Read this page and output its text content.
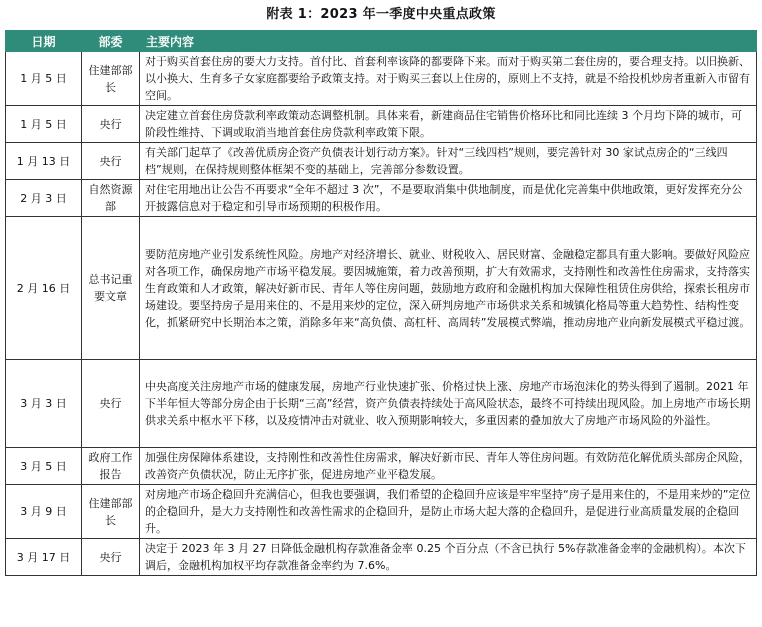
附表 1：2023 年一季度中央重点政策
日期	部委	主要内容
1 月 5 日	住建部部长	对于购买首套住房的要大力支持。首付比、首套利率该降的都要降下来。而对于购买第二套住房的，要合理支持。以旧换新、以小换大、生育多子女家庭都要给予政策支持。对于购买三套以上住房的，原则上不支持，就是不给投机炒房者重新入市留有空间。
1 月 5 日	央行	决定建立首套住房贷款利率政策动态调整机制。具体来看，新建商品住宅销售价格环比和同比连续 3 个月均下降的城市，可阶段性维持、下调或取消当地首套住房贷款利率政策下限。
1 月 13 日	央行	有关部门起草了《改善优质房企资产负债表计划行动方案》。针对“三线四档”规则，要完善针对 30 家试点房企的“三线四档”规则，在保持规则整体框架不变的基础上，完善部分参数设置。
2 月 3 日	自然资源部	对住宅用地出让公告不再要求“全年不超过 3 次”，不是要取消集中供地制度，而是优化完善集中供地政策，更好发挥充分公开披露信息对于稳定和引导市场预期的积极作用。
2 月 16 日	总书记重要文章	要防范房地产业引发系统性风险。房地产对经济增长、就业、财税收入、居民财富、金融稳定都具有重大影响。要做好风险应对各项工作，确保房地产市场平稳发展。要因城施策，着力改善预期，扩大有效需求，支持刚性和改善性住房需求，支持落实生育政策和人才政策，解决好新市民、青年人等住房问题，鼓励地方政府和金融机构加大保障性租赁住房供给，探索长租房市场建设。要坚持房子是用来住的、不是用来炒的定位，深入研判房地产市场供求关系和城镇化格局等重大趋势性、结构性变化，抓紧研究中长期治本之策，消除多年来“高负债、高杠杆、高周转”发展模式弊端，推动房地产业向新发展模式平稳过渡。
3 月 3 日	央行	中央高度关注房地产市场的健康发展，房地产行业快速扩张、价格过快上涨、房地产市场泡沫化的势头得到了遏制。2021 年下半年恒大等部分房企由于长期“三高”经营，资产负债表持续处于高风险状态，最终不可持续出现风险。加上房地产市场长期供求关系中枢水平下移，以及疫情冲击对就业、收入预期影响较大，多重因素的叠加放大了房地产市场风险的外溢性。
3 月 5 日	政府工作报告	加强住房保障体系建设，支持刚性和改善性住房需求，解决好新市民、青年人等住房问题。有效防范化解优质头部房企风险，改善资产负债状况，防止无序扩张，促进房地产业平稳发展。
3 月 9 日	住建部部长	对房地产市场企稳回升充满信心，但我也要强调，我们希望的企稳回升应该是牢牢坚持“房子是用来住的，不是用来炒的”定位的企稳回升，是大力支持刚性和改善性需求的企稳回升，是防止市场大起大落的企稳回升，是促进行业高质量发展的企稳回升。
3 月 17 日	央行	决定于 2023 年 3 月 27 日降低金融机构存款准备金率 0.25 个百分点（不含已执行 5%存款准备金率的金融机构）。本次下调后，金融机构加权平均存款准备金率约为 7.6%。
